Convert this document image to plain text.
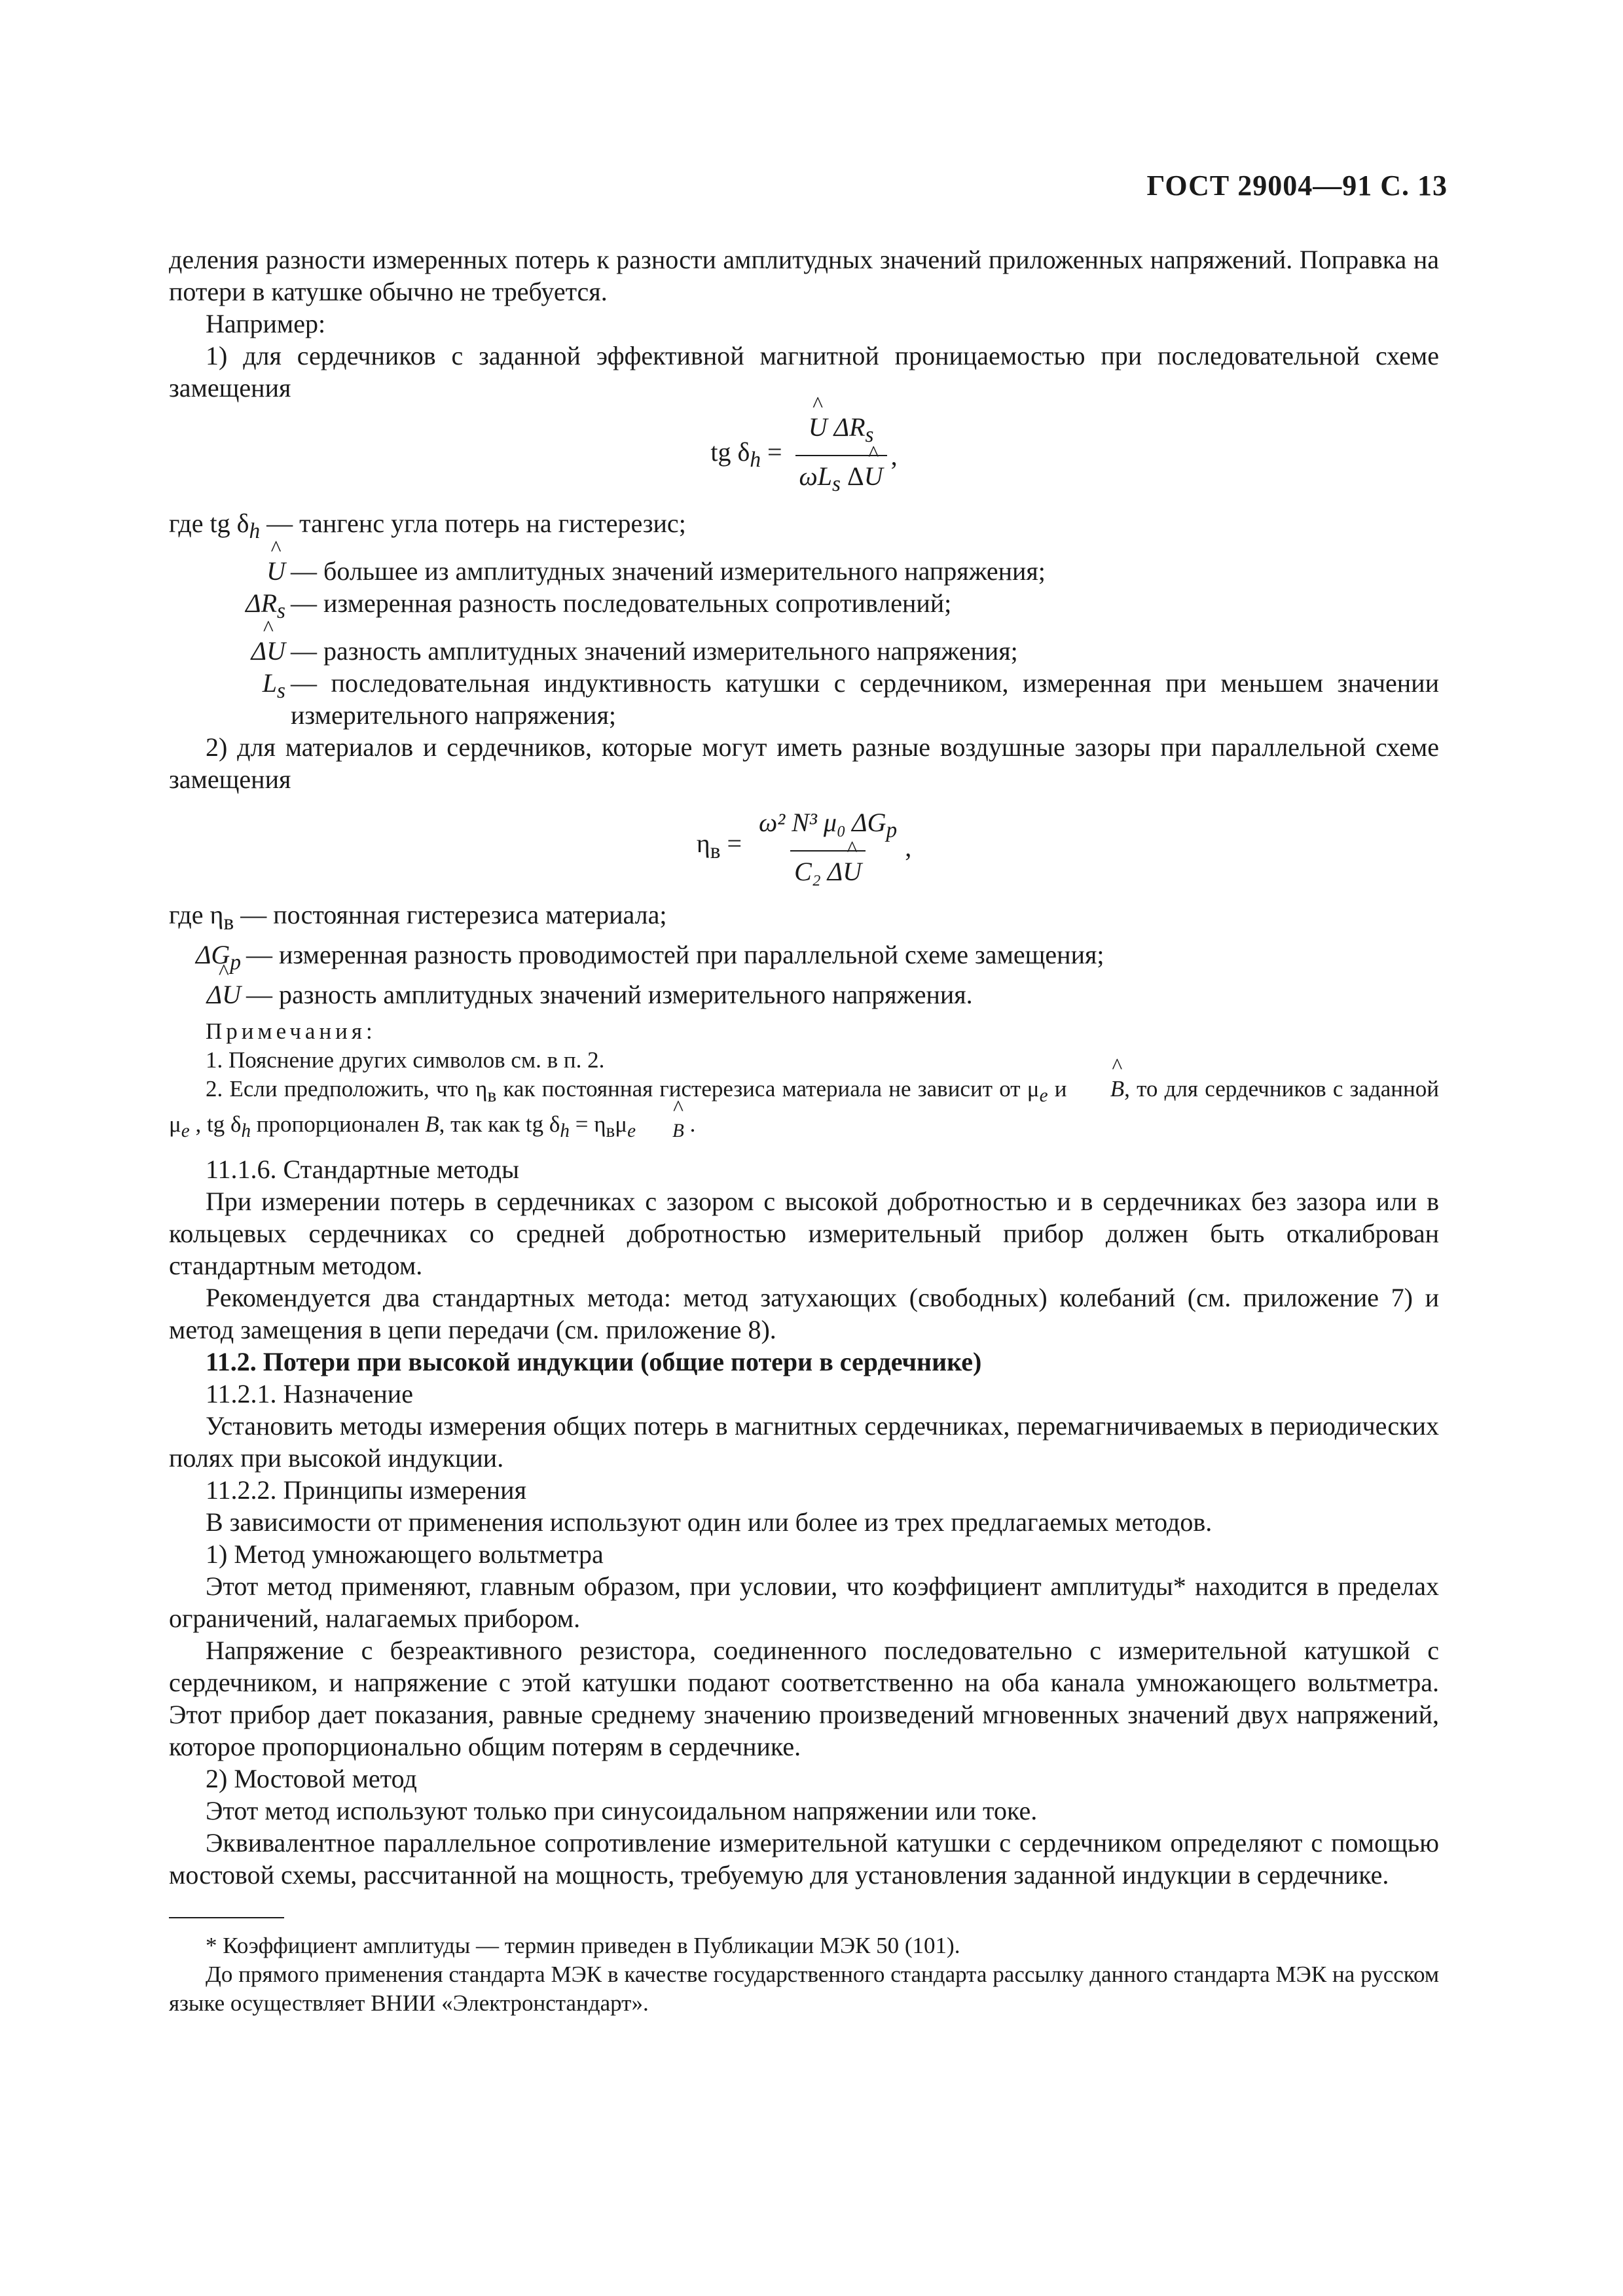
ГОСТ 29004—91 С. 13

деления разности измеренных потерь к разности амплитудных значений приложенных напряжений. Поправка на потери в катушке обычно не требуется.

Например:

1) для сердечников с заданной эффективной магнитной проницаемостью при последовательной схеме замещения

tg $\delta_h$ = ^ $\frac{U \Delta R_s}{\omega L_s \Delta\^{} U}$ ,

где tg $\delta_h$ — тангенс угла потерь на гистерезис;

^ U — большее из амплитудных значений измерительного напряжения;
$\Delta R_s$ — измеренная разность последовательных сопротивлений;
^ ΔU — разность амплитудных значений измерительного напряжения;
$L_s$ — последовательная индуктивность катушки с сердечником, измеренная при меньшем значении измерительного напряжения;

2) для материалов и сердечников, которые могут иметь разные воздушные зазоры при параллельной схеме замещения

$\eta_в = \frac{\omega^2 N^3 \mu_0 \Delta G_p}{\text{C₂ Δ\textasciicircum{} U}}$ ,

где $\eta_в$ — постоянная гистерезиса материала;

$\Delta G_p$ — измеренная разность проводимостей при параллельной схеме замещения;
^ ΔU — разность амплитудных значений измерительного напряжения.

Примечания:

1. Пояснение других символов см. в п. 2.

2. Если предположить, что $\eta_в$ как постоянная гистерезиса материала не зависит от $\mu_e$ и ^ B, то для сердечников с заданной $\mu_e$ , tg $\delta_h$ пропорционален B, так как tg $\delta_h = \eta_в\mu_{e \^{} B}$ .

11.1.6. Стандартные методы

При измерении потерь в сердечниках с зазором с высокой добротностью и в сердечниках без зазора или в кольцевых сердечниках со средней добротностью измерительный прибор должен быть откалиброван стандартным методом.

Рекомендуется два стандартных метода: метод затухающих (свободных) колебаний (см. приложение 7) и метод замещения в цепи передачи (см. приложение 8).

11.2. Потери при высокой индукции (общие потери в сердечнике)

11.2.1. Назначение

Установить методы измерения общих потерь в магнитных сердечниках, перемагничиваемых в периодических полях при высокой индукции.

11.2.2. Принципы измерения

В зависимости от применения используют один или более из трех предлагаемых методов.

1) Метод умножающего вольтметра

Этот метод применяют, главным образом, при условии, что коэффициент амплитуды* находится в пределах ограничений, налагаемых прибором.

Напряжение с безреактивного резистора, соединенного последовательно с измерительной катушкой с сердечником, и напряжение с этой катушки подают соответственно на оба канала умножающего вольтметра. Этот прибор дает показания, равные среднему значению произведений мгновенных значений двух напряжений, которое пропорционально общим потерям в сердечнике.

2) Мостовой метод

Этот метод используют только при синусоидальном напряжении или токе.

Эквивалентное параллельное сопротивление измерительной катушки с сердечником определяют с помощью мостовой схемы, рассчитанной на мощность, требуемую для установления заданной индукции в сердечнике.

* Коэффициент амплитуды — термин приведен в Публикации МЭК 50 (101).

До прямого применения стандарта МЭК в качестве государственного стандарта рассылку данного стандарта МЭК на русском языке осуществляет ВНИИ «Электронстандарт».
